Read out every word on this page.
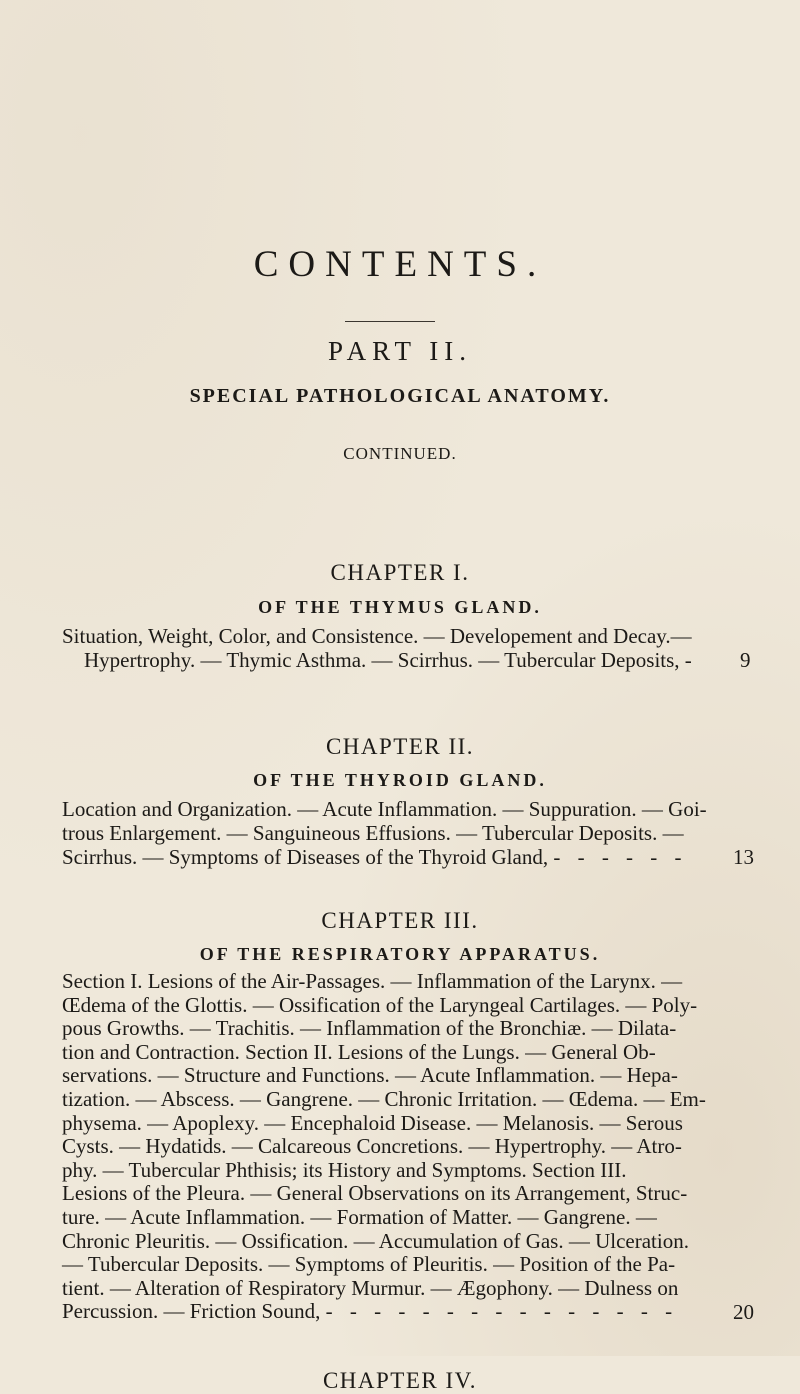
CONTENTS.
PART II.
SPECIAL PATHOLOGICAL ANATOMY.
CONTINUED.
CHAPTER I.
OF THE THYMUS GLAND.

Situation, Weight, Color, and Consistence. — Developement and Decay.—

Hypertrophy. — Thymic Asthma. — Scirrhus. — Tubercular Deposits, -	9
CHAPTER II.
OF THE THYROID GLAND.

Location and Organization. — Acute Inflammation. — Suppuration. — Goi-

trous Enlargement. — Sanguineous Effusions. — Tubercular Deposits. —

Scirrhus. — Symptoms of Diseases of the Thyroid Gland, - - - - - -	13
CHAPTER III.
OF THE RESPIRATORY APPARATUS.

Section I. Lesions of the Air-Passages. — Inflammation of the Larynx. —

Œdema of the Glottis. — Ossification of the Laryngeal Cartilages. — Poly-

pous Growths. — Trachitis. — Inflammation of the Bronchiæ. — Dilata-

tion and Contraction. Section II. Lesions of the Lungs. — General Ob-

servations. — Structure and Functions. — Acute Inflammation. — Hepa-

tization. — Abscess. — Gangrene. — Chronic Irritation. — Œdema. — Em-

physema. — Apoplexy. — Encephaloid Disease. — Melanosis. — Serous

Cysts. — Hydatids. — Calcareous Concretions. — Hypertrophy. — Atro-

phy. — Tubercular Phthisis; its History and Symptoms. Section III.

Lesions of the Pleura. — General Observations on its Arrangement, Struc-

ture. — Acute Inflammation. — Formation of Matter. — Gangrene. —

Chronic Pleuritis. — Ossification. — Accumulation of Gas. — Ulceration.

— Tubercular Deposits. — Symptoms of Pleuritis. — Position of the Pa-

tient. — Alteration of Respiratory Murmur. — Ægophony. — Dulness on

Percussion. — Friction Sound, - - - - - - - - - - - - - - -	20
CHAPTER IV.
